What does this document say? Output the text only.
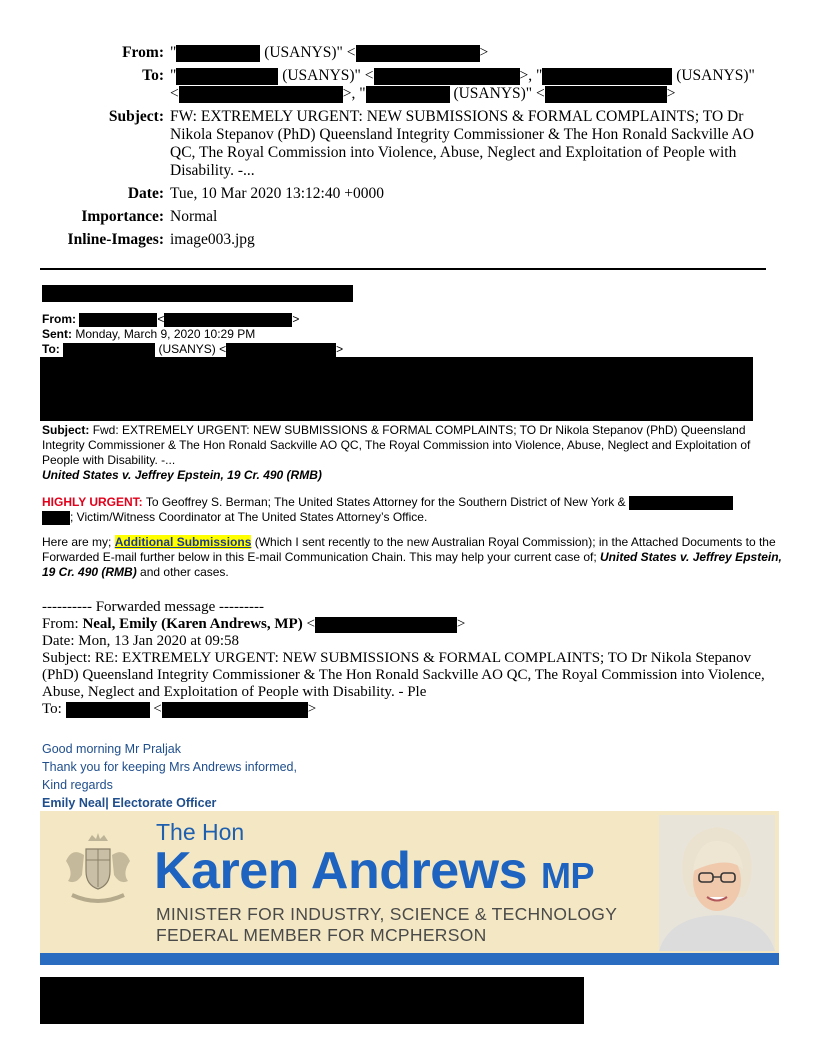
From: "	(USANYS)" <	>
To: "	(USANYS)" <	>, "	(USANYS)"
<	>, "	(USANYS)" <	>
Subject: FW: EXTREMELY URGENT: NEW SUBMISSIONS & FORMAL COMPLAINTS; TO Dr Nikola Stepanov (PhD) Queensland Integrity Commissioner & The Hon Ronald Sackville AO QC, The Royal Commission into Violence, Abuse, Neglect and Exploitation of People with Disability. -...
Date: Tue, 10 Mar 2020 13:12:40 +0000
Importance: Normal
Inline-Images: image003.jpg
From:	<	>
Sent: Monday, March 9, 2020 10:29 PM
To:	(USANYS) <	>
Subject: Fwd: EXTREMELY URGENT: NEW SUBMISSIONS & FORMAL COMPLAINTS; TO Dr Nikola Stepanov (PhD) Queensland Integrity Commissioner & The Hon Ronald Sackville AO QC, The Royal Commission into Violence, Abuse, Neglect and Exploitation of People with Disability. -...
United States v. Jeffrey Epstein, 19 Cr. 490 (RMB)

HIGHLY URGENT: To Geoffrey S. Berman; The United States Attorney for the Southern District of New York &
; Victim/Witness Coordinator at The United States Attorney’s Office.

Here are my; Additional Submissions (Which I sent recently to the new Australian Royal Commission); in the Attached Documents to the Forwarded E-mail further below in this E-mail Communication Chain. This may help your current case of; United States v. Jeffrey Epstein, 19 Cr. 490 (RMB) and other cases.

---------- Forwarded message ---------
From: Neal, Emily (Karen Andrews, MP) <	>
Date: Mon, 13 Jan 2020 at 09:58
Subject: RE: EXTREMELY URGENT: NEW SUBMISSIONS & FORMAL COMPLAINTS; TO Dr Nikola Stepanov (PhD) Queensland Integrity Commissioner & The Hon Ronald Sackville AO QC, The Royal Commission into Violence, Abuse, Neglect and Exploitation of People with Disability. - Ple
To:	<	>
Good morning Mr Praljak
Thank you for keeping Mrs Andrews informed,
Kind regards
Emily Neal| Electorate Officer
The Hon
Karen Andrews MP
MINISTER FOR INDUSTRY, SCIENCE & TECHNOLOGY
FEDERAL MEMBER FOR MCPHERSON
